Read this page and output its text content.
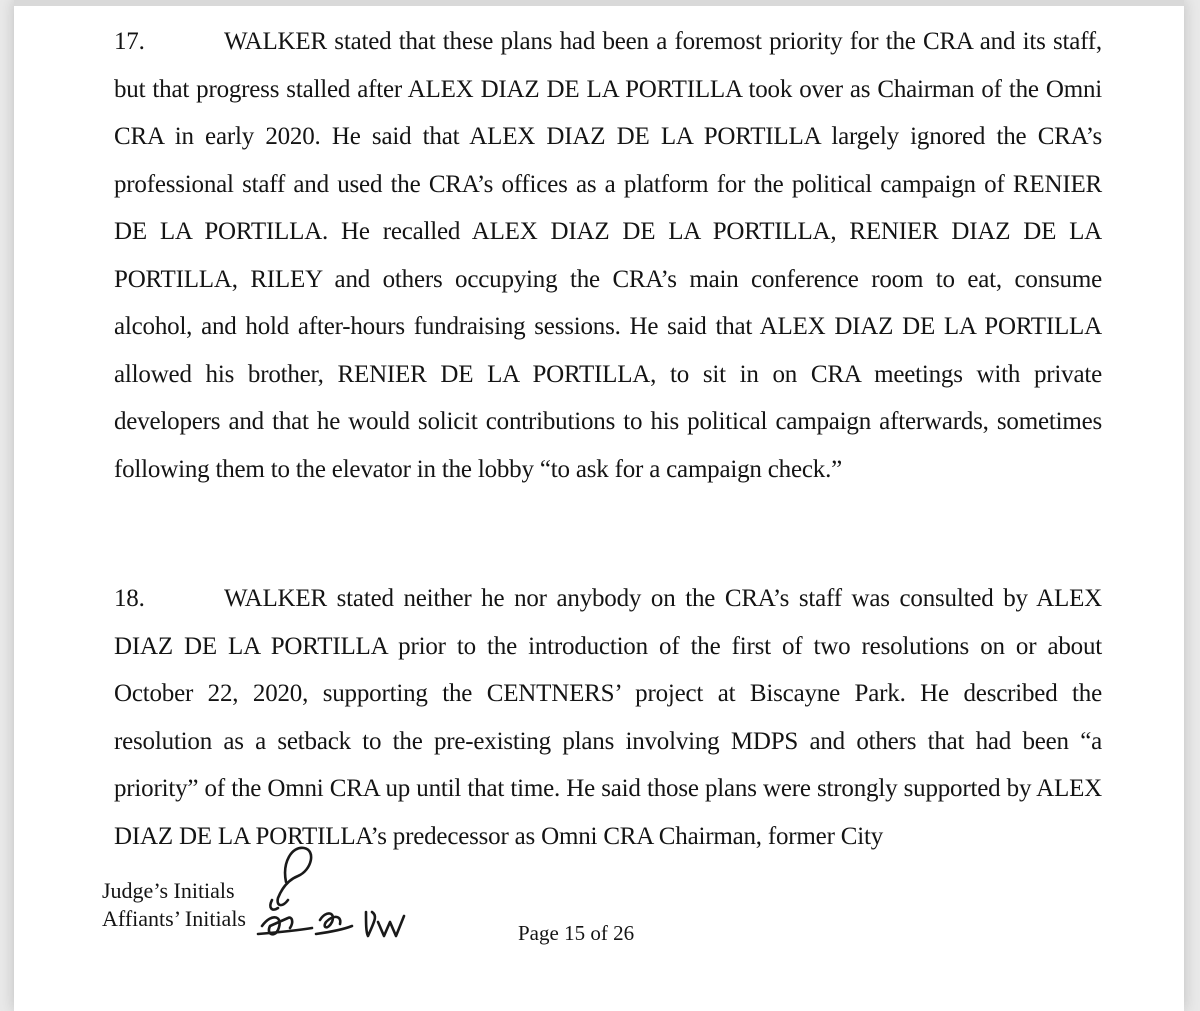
17.	WALKER stated that these plans had been a foremost priority for the CRA and its staff, but that progress stalled after ALEX DIAZ DE LA PORTILLA took over as Chairman of the Omni CRA in early 2020. He said that ALEX DIAZ DE LA PORTILLA largely ignored the CRA’s professional staff and used the CRA’s offices as a platform for the political campaign of RENIER DE LA PORTILLA. He recalled ALEX DIAZ DE LA PORTILLA, RENIER DIAZ DE LA PORTILLA, RILEY and others occupying the CRA’s main conference room to eat, consume alcohol, and hold after-hours fundraising sessions. He said that ALEX DIAZ DE LA PORTILLA allowed his brother, RENIER DE LA PORTILLA, to sit in on CRA meetings with private developers and that he would solicit contributions to his political campaign afterwards, sometimes following them to the elevator in the lobby “to ask for a campaign check.”

18.	WALKER stated neither he nor anybody on the CRA’s staff was consulted by ALEX DIAZ DE LA PORTILLA prior to the introduction of the first of two resolutions on or about October 22, 2020, supporting the CENTNERS’ project at Biscayne Park. He described the resolution as a setback to the pre-existing plans involving MDPS and others that had been “a priority” of the Omni CRA up until that time. He said those plans were strongly supported by ALEX DIAZ DE LA PORTILLA’s predecessor as Omni CRA Chairman, former City

Judge’s Initials
Affiants’ Initials
Page 15 of 26
